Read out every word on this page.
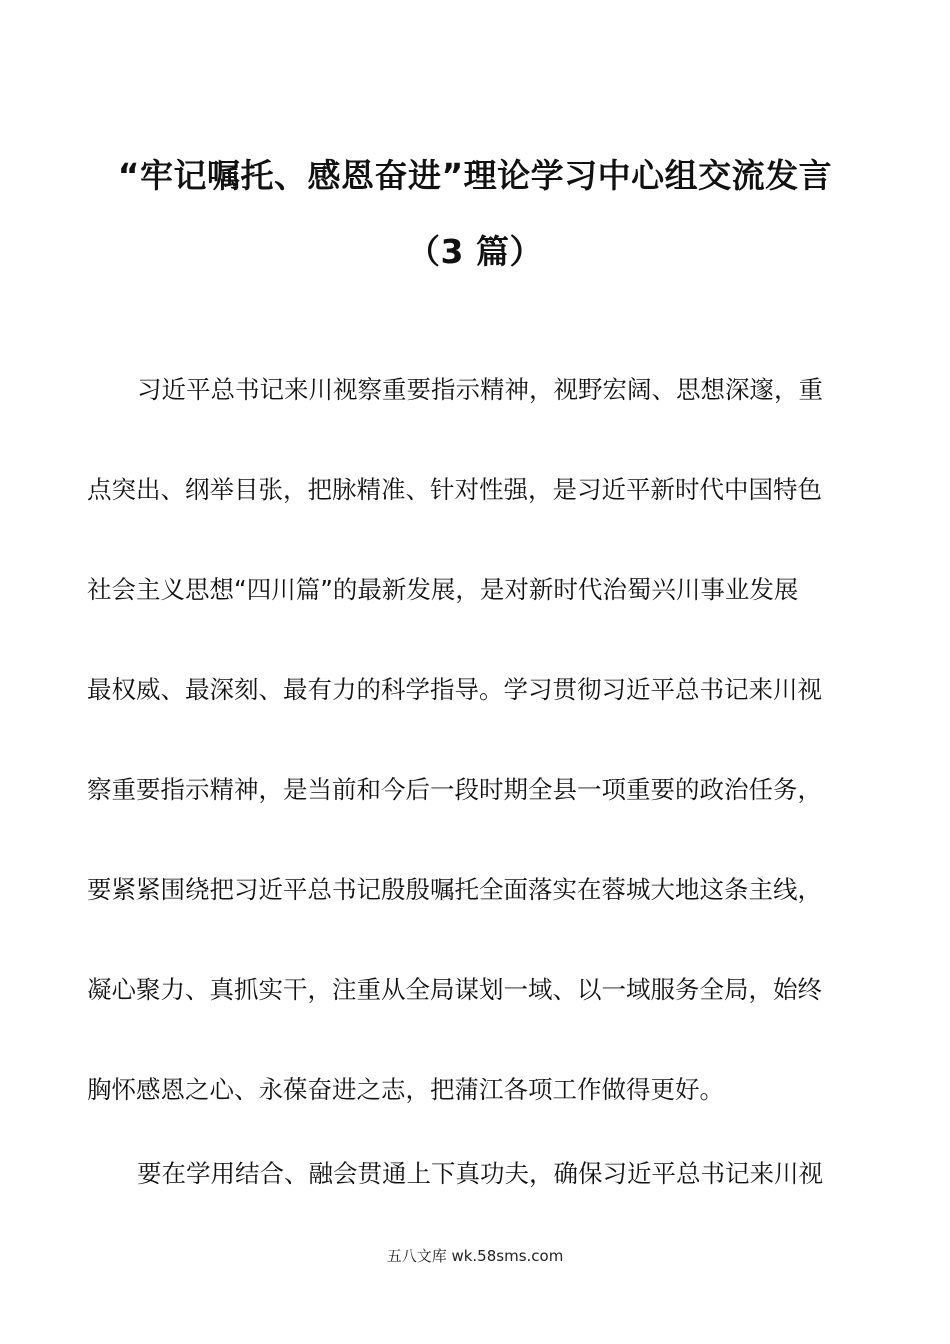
“牢记嘱托、感恩奋进”理论学习中心组交流发言
（3 篇）
习近平总书记来川视察重要指示精神，视野宏阔、思想深邃，重
点突出、纲举目张，把脉精准、针对性强，是习近平新时代中国特色
社会主义思想“四川篇”的最新发展，是对新时代治蜀兴川事业发展
最权威、最深刻、最有力的科学指导。学习贯彻习近平总书记来川视
察重要指示精神，是当前和今后一段时期全县一项重要的政治任务，
要紧紧围绕把习近平总书记殷殷嘱托全面落实在蓉城大地这条主线，
凝心聚力、真抓实干，注重从全局谋划一域、以一域服务全局，始终
胸怀感恩之心、永葆奋进之志，把蒲江各项工作做得更好。
要在学用结合、融会贯通上下真功夫，确保习近平总书记来川视
五八文库 wk.58sms.com
